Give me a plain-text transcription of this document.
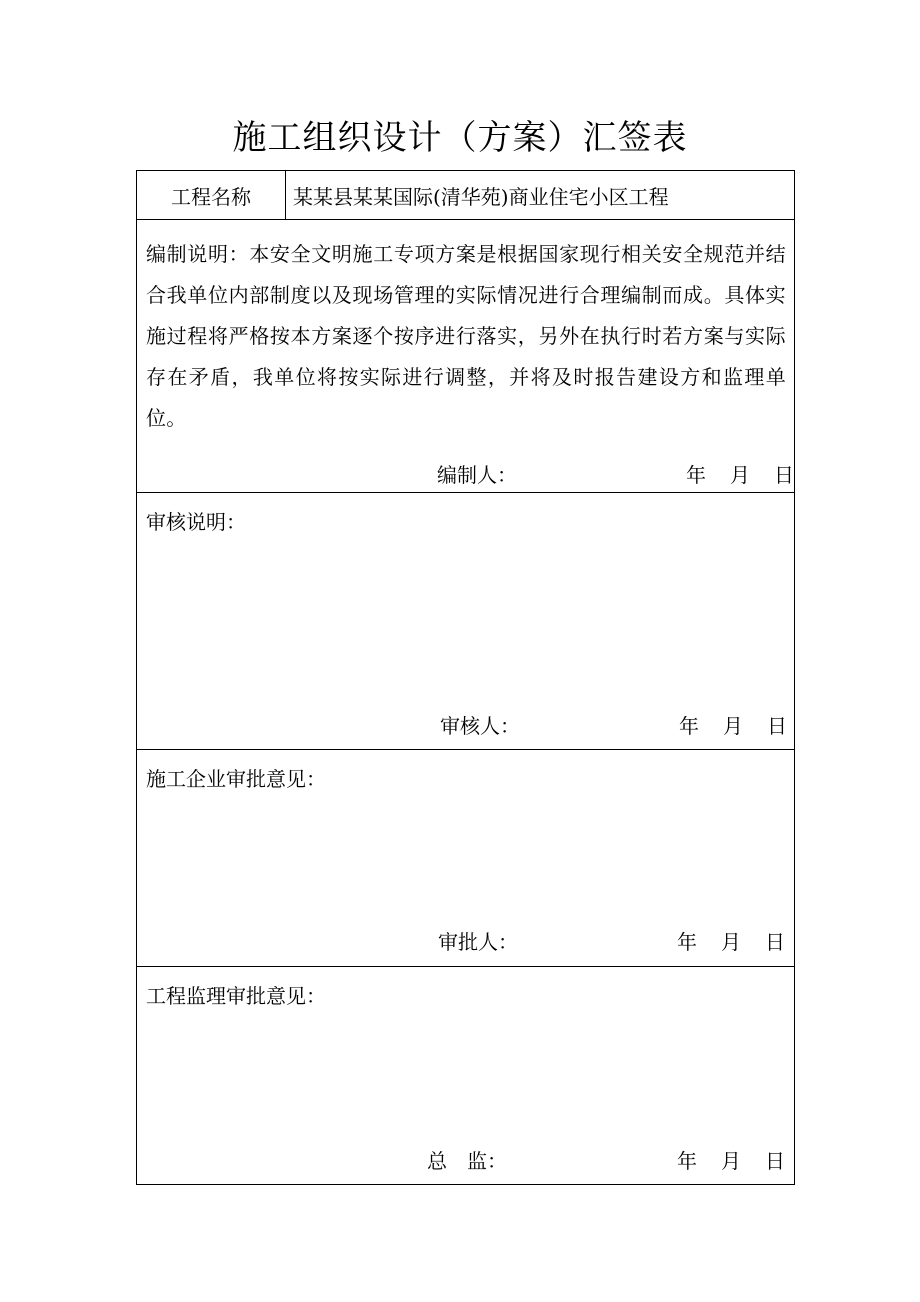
施工组织设计（方案）汇签表
工程名称	某某县某某国际(清华苑)商业住宅小区工程
编制说明：本安全文明施工专项方案是根据国家现行相关安全规范并结合我单位内部制度以及现场管理的实际情况进行合理编制而成。具体实施过程将严格按本方案逐个按序进行落实，另外在执行时若方案与实际存在矛盾，我单位将按实际进行调整，并将及时报告建设方和监理单位。
编制人：	年 月 日
审核说明：
审核人：	年 月 日
施工企业审批意见：
审批人：	年 月 日
工程监理审批意见：
总　监：	年 月 日
